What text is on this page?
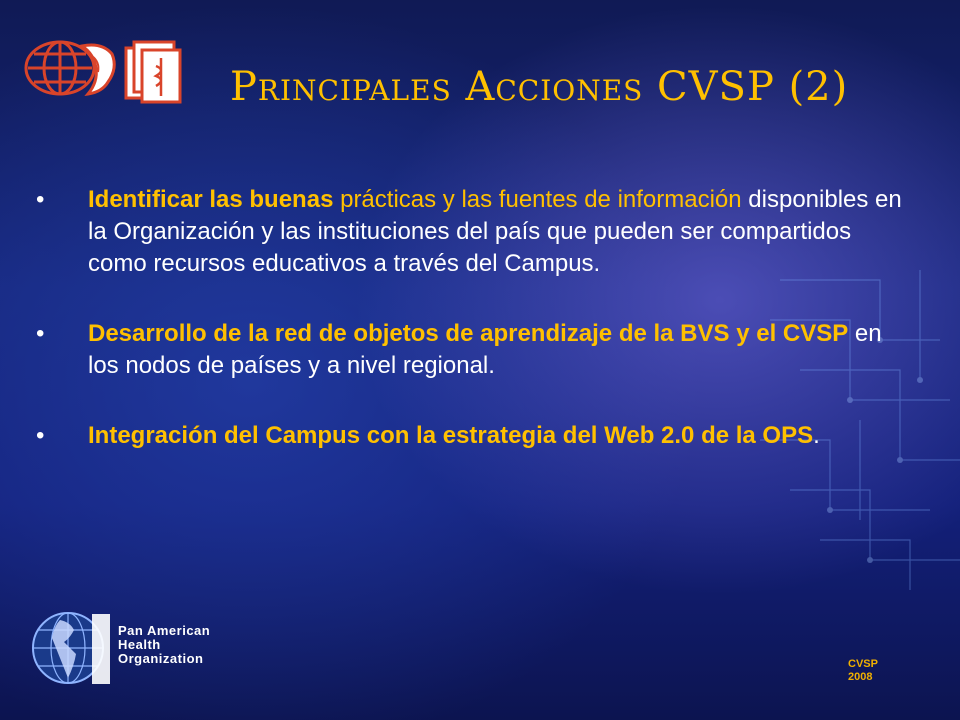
Principales Acciones CVSP (2)
• Identificar las buenas prácticas y las fuentes de información disponibles en la Organización y las instituciones del país que pueden ser compartidos como recursos educativos a través del Campus.
• Desarrollo de la red de objetos de aprendizaje de la BVS y el CVSP en los nodos de países y a nivel regional.
• Integración del Campus con la estrategia del Web 2.0 de la OPS.
Pan American
Health
Organization	CVSP
2008
